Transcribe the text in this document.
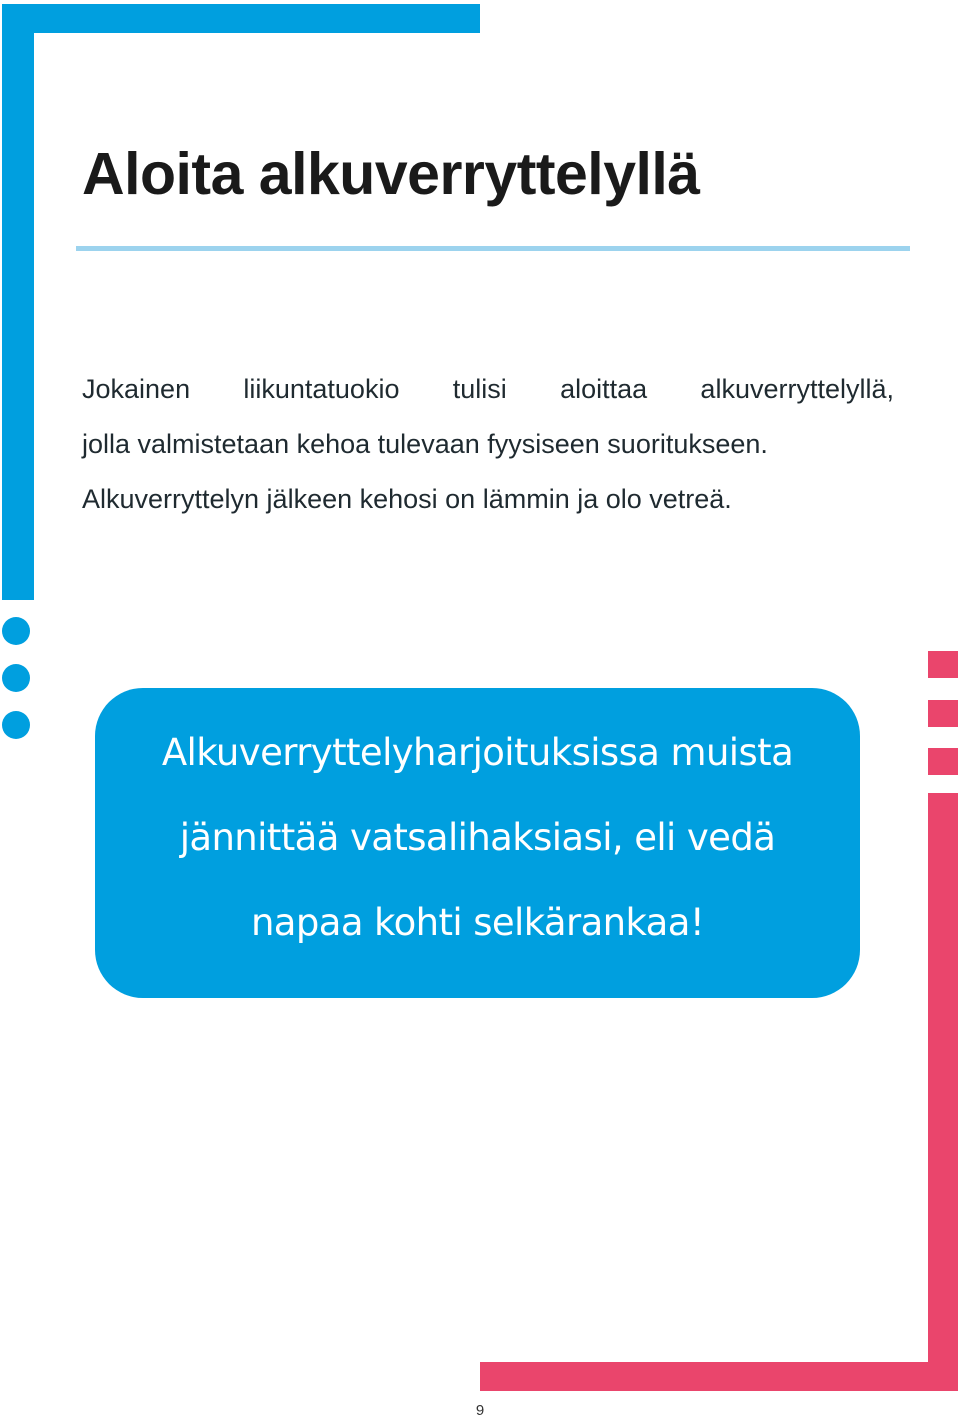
Aloita alkuverryttelyllä
Jokainen liikuntatuokio tulisi aloittaa alkuverryttelyllä,
jolla valmistetaan kehoa tulevaan fyysiseen suoritukseen.
Alkuverryttelyn jälkeen kehosi on lämmin ja olo vetreä.
Alkuverryttelyharjoituksissa muista
jännittää vatsalihaksiasi, eli vedä
napaa kohti selkärankaa!
9
